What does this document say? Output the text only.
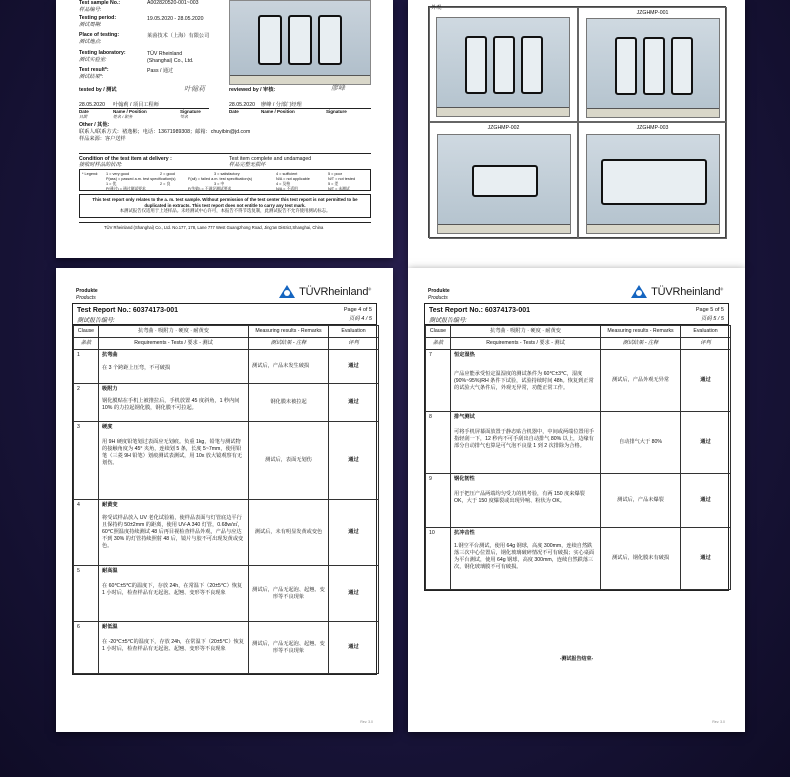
Test sample No.:
样品编号:
A002820520-001~003
Testing period:
测试周期:
19.05.2020 - 28.05.2020
Place of testing:
测试地点:
莱茵技术（上海）有限公司
Testing laboratory:
测试实验室:
TÜV Rheinland
(Shanghai) Co., Ltd.
Test result*:
测试结果*:
Pass / 通过
tested by / 测试	叶翰莉	reviewed by / 审核:	廖峰
28.05.2020 叶翰莉 / 项目工程师	28.05.2020 廖峰 / 分部门经理
Date	Name / Position	Signature
日期	姓名 / 职务	签名
Date	Name / Position	Signature
Other / 其他:
联系人/联系方式：褚逸彬；电话：13671989308；邮箱：chuyibin@jd.com
样品来源：客户送样
Condition of the test item at delivery :
接收时样品的状况:
Test item complete and undamaged
样品完整无损坏
* Legend: 1 = very good	2 = good	3 = satisfactory	4 = sufficient	5 = poor
P(ass) = passed a.m. test specification(s)	F(ail) = failed a.m. test specification(s)	N/A = not applicable	N/T = not tested
1 = 优	2 = 良	3 = 中	4 = 及格	5 = 差
P(通过) = 通过测试要求	F(失败) = 不满足测试要求	N/A = 不适用	N/T = 未测试
This test report only relates to the a. m. test sample. Without permission of the test center this test report is not permitted to be duplicated in extracts. This test report does not entitle to carry any test mark.
本测试报告仅适用于上述样品。未经测试中心许可，本报告不得节选复制，此测试报告不允许使用测试标志。
TÜV Rheinland (Shanghai) Co., Ltd. No.177, 178, Lane 777 West Guangzhong Road, Jing'an District,Shanghai, China
外观
JZGHMP-001
JZGHMP-002	JZGHMP-003
Produkte
Products	TÜVRheinland®
Test Report No.: 60374173-001
测试报告编号:
Page 4 of 5
页码 4 / 5
Clause	抗弯曲 · 吸附力 · 硬度 · 耐黄变	Measuring results - Remarks	Evaluation
条款	Requirements - Tests / 要求 - 测试	测试结果 - 注释	评判
1	抗弯曲
在 3 个跨距上压弯，不可破损	测试后，产品未发生破损	通过
2	吸附力
钢化膜贴在手机上被推拉后，手机放置 45 度斜角，1 秒内间 10% 的力拉起钢化膜，钢化膜不可拉起。	钢化膜未被拉起	通过
3	硬度
用 9H 硬度铅笔划过表面应无划痕。负重 1kg，铅笔与测试物的接触角度为 45° 夹角，连续划 5 条，长度 5~7mm，使用铅笔（三菱 9H 铅笔）划痕测试表测试，用 10x 放大镜观察有无划伤。	测试后，表面无划伤	通过
4	耐黄变
将受试样品放入 UV 老化试验箱，使样品表面与灯管底边平行且保持约 50±2mm 的距离，使用 UV-A 340 灯管，0.68w/㎡，60℃照温度持续测试 48 后再目视检查样品外观，产品与应达不到 30% 的灯管持续照射 48 后，镜片与胶不可出现发黄或变色。	测试后，未有明显发黄或变色	通过
5	耐高温
在 60℃±5℃的温度下，存放 24h，在常温下（20±5℃）恢复 1 小时后，检查样品有无起泡、起翘、变形等不良现象	测试后，产品无起泡、起翘、变形等不良现象	通过
6	耐低温
在 -20℃±5℃的温度下，存放 24h，在常温下（20±5℃）恢复 1 小时后，检查样品有无起泡、起翘、变形等不良现象	测试后，产品无起泡、起翘、变形等不良现象	通过
Rev. 3.0
Produkte
Products	TÜVRheinland®
Test Report No.: 60374173-001
测试报告编号:
Page 5 of 5
页码 5 / 5
Clause	抗弯曲 · 吸附力 · 硬度 · 耐黄变	Measuring results - Remarks	Evaluation
条款	Requirements - Tests / 要求 - 测试	测试结果 - 注释	评判
7	恒定湿热
产品应能承受恒定温湿度的测试条件为 60℃±3℃，湿度(90%~95%)RH 条件下试验，试验持续时间 48h。恢复到正常的试验大气条件后，外观无异常，功能正常工作。	测试后，产品外观无异常	通过
8	排气测试
可将手机屏幕面放置于静态贴合机器中，中间或两端位置用手指轻刮一下，12 秒内不可手刮出自动排气 80% 以上，边缘有部分自动排气也算是可气泡不良量 1 到 2 次排除为合格。	自动排气大于 80%	通过
9	钢化韧性
用于把压产品两端均匀受力的机考验，有两 150 度来爆裂 OK，大于 150 度爆裂或出现异响、粉状为 OK。	测试后，产品未爆裂	通过
10	抗冲击性
1.钢空平台测试，使用 64g 钢球，高度 300mm，连续自然跌落三次中心位置后，钢化玻璃破碎情况不可有破损；实心桌面为平台测试，使用 64g 钢球，高度 300mm，连续自然跌落三次，钢化玻璃膜不可有破损。	测试后，钢化膜未有破损	通过
-测试报告结束-
Rev. 3.0
